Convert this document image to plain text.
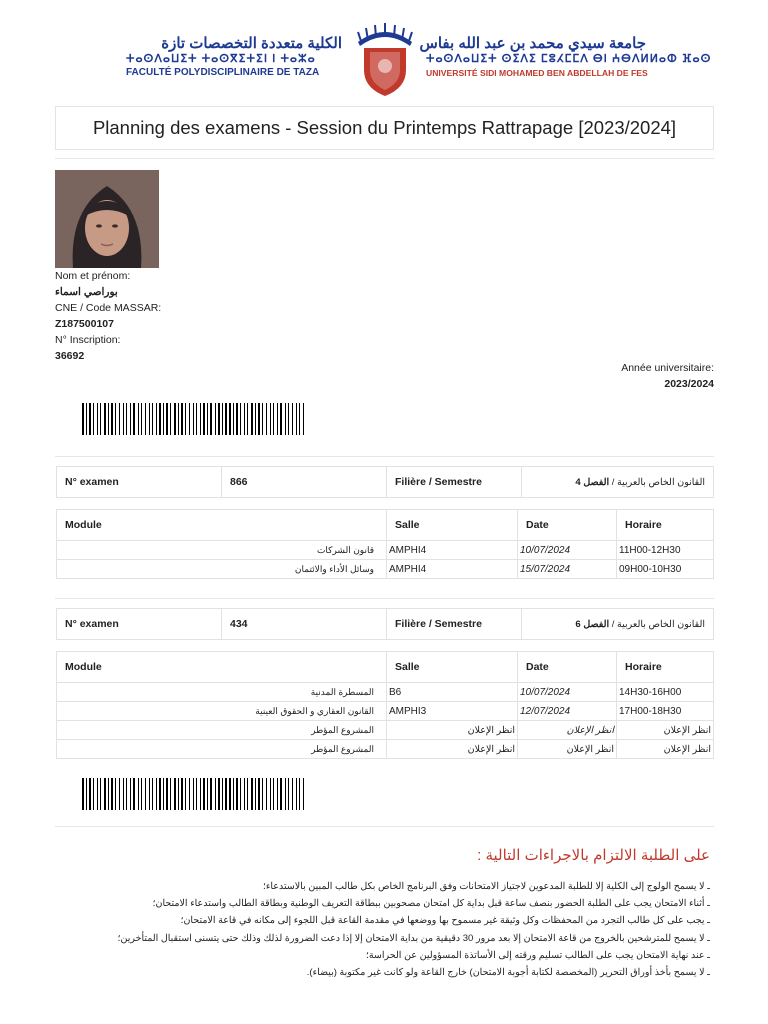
الكلية متعددة التخصصات تازة
ⵜⴰⵙⴷⴰⵡⵉⵜ ⵜⴰⵙⴳⵉⵜⵉⵏ ⵏ ⵜⴰⵣⴰ
FACULTÉ POLYDISCIPLINAIRE DE TAZA
جامعة سيدي محمد بن عبد الله بفاس
ⵜⴰⵙⴷⴰⵡⵉⵜ ⵙⵉⴷⵉ ⵎⵓⵃⵎⵎⴷ ⴱⵏ ⵄⴱⴷⵍⵍⴰⵀ ⴼⴰⵙ
UNIVERSITÉ SIDI MOHAMED BEN ABDELLAH DE FES
Planning des examens - Session du Printemps Rattrapage [2023/2024]
Nom et prénom:
بوراصي اسماء
CNE / Code MASSAR:
Z187500107
N° Inscription:
36692
Année universitaire:
2023/2024
N° examen	866	Filière / Semestre	القانون الخاص بالعربية / الفصل 4
Module	Salle	Date	Horaire
قانون الشركات	AMPHI4	10/07/2024	11H00-12H30
وسائل الأداء والائتمان	AMPHI4	15/07/2024	09H00-10H30
N° examen	434	Filière / Semestre	القانون الخاص بالعربية / الفصل 6
Module	Salle	Date	Horaire
المسطرة المدنية	B6	10/07/2024	14H30-16H00
القانون العقاري و الحقوق العينية	AMPHI3	12/07/2024	17H00-18H30
المشروع المؤطر	انظر الإعلان	انظر الإعلان	انظر الإعلان
المشروع المؤطر	انظر الإعلان	انظر الإعلان	انظر الإعلان
على الطلبة الالتزام بالاجراءات التالية :
ـ لا يسمح الولوج إلى الكلية إلا للطلبة المدعوين لاجتياز الامتحانات وفق البرنامج الخاص بكل طالب المبين بالاستدعاء؛
ـ أثناء الامتحان يجب على الطلبة الحضور بنصف ساعة قبل بداية كل امتحان مصحوبين ببطاقة التعريف الوطنية وبطاقة الطالب واستدعاء الامتحان؛
ـ يجب على كل طالب التجرد من المحفظات وكل وثيقة غير مسموح بها ووضعها في مقدمة القاعة قبل اللجوء إلى مكانه في قاعة الامتحان؛
ـ لا يسمح للمترشحين بالخروج من قاعة الامتحان إلا بعد مرور 30 دقيقية من بداية الامتحان إلا إذا دعت الضرورة لذلك وذلك حتى يتسنى استقبال المتأخرين؛
ـ عند نهاية الامتحان يجب على الطالب تسليم ورقته إلى الأساتذة المسؤولين عن الحراسة؛
ـ لا يسمح بأخذ أوراق التحرير (المخصصة لكتابة أجوبة الامتحان) خارج القاعة ولو كانت غير مكتوبة (بيضاء).
